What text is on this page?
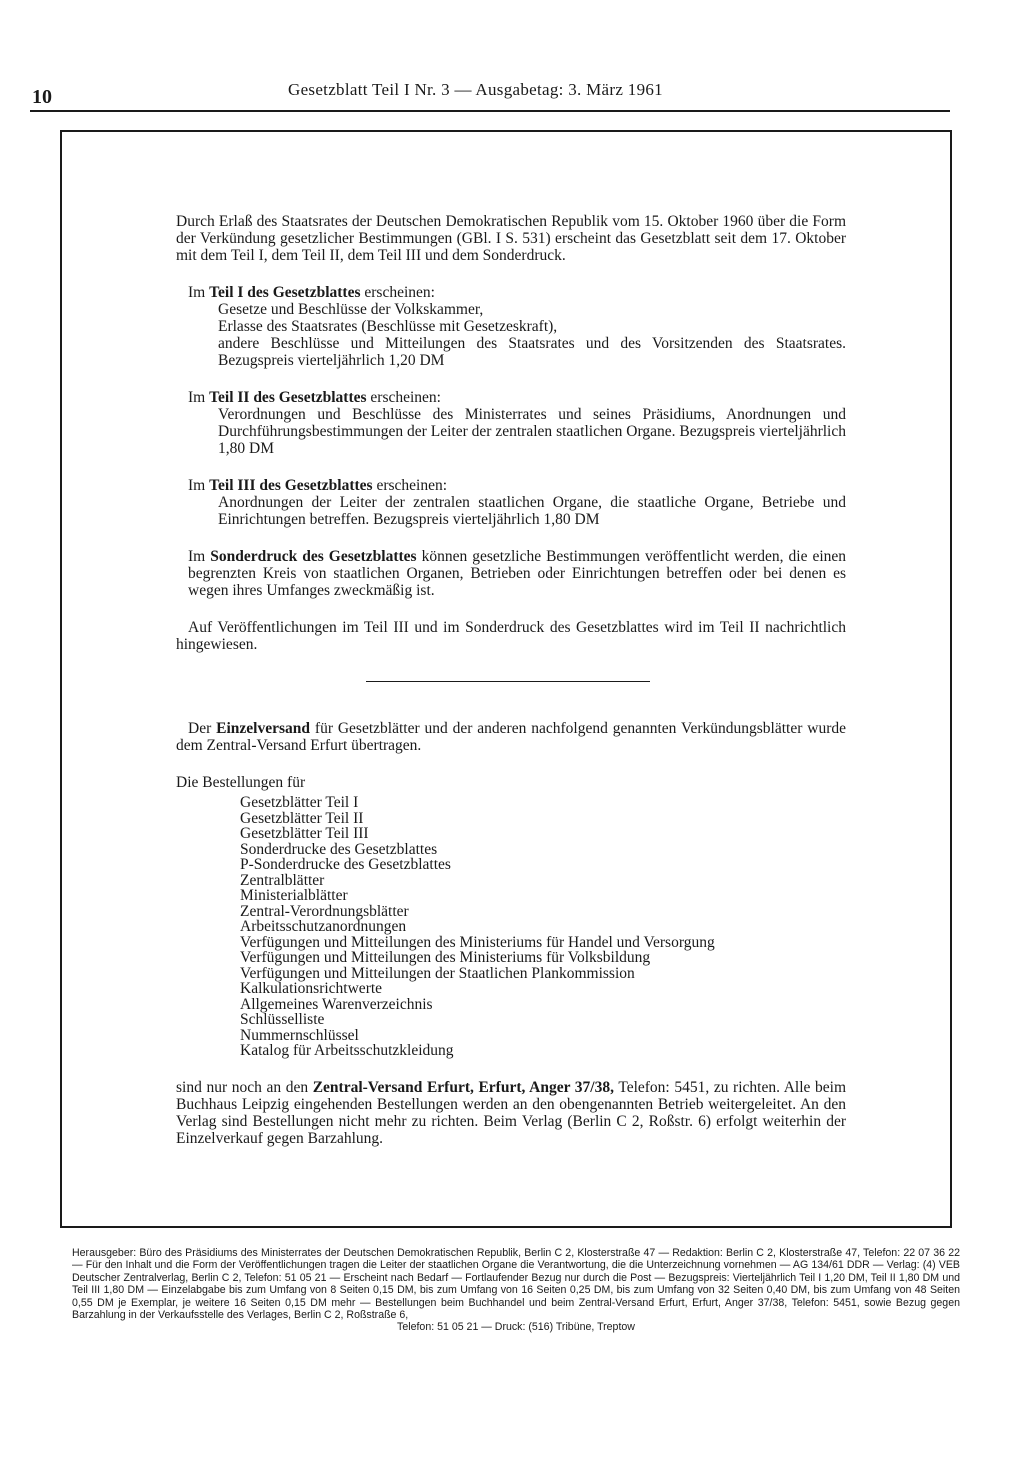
10	Gesetzblatt Teil I Nr. 3 — Ausgabetag: 3. März 1961

Durch Erlaß des Staatsrates der Deutschen Demokratischen Republik vom 15. Oktober 1960 über die Form der Verkündung gesetzlicher Bestimmungen (GBl. I S. 531) erscheint das Gesetzblatt seit dem 17. Oktober mit dem Teil I, dem Teil II, dem Teil III und dem Sonderdruck.

Im Teil I des Gesetzblattes erscheinen:

Gesetze und Beschlüsse der Volkskammer,

Erlasse des Staatsrates (Beschlüsse mit Gesetzeskraft),

andere Beschlüsse und Mitteilungen des Staatsrates und des Vorsitzenden des Staatsrates. Bezugspreis vierteljährlich 1,20 DM

Im Teil II des Gesetzblattes erscheinen:

Verordnungen und Beschlüsse des Ministerrates und seines Präsidiums, Anordnungen und Durchführungsbestimmungen der Leiter der zentralen staatlichen Organe. Bezugspreis vierteljährlich 1,80 DM

Im Teil III des Gesetzblattes erscheinen:

Anordnungen der Leiter der zentralen staatlichen Organe, die staatliche Organe, Betriebe und Einrichtungen betreffen. Bezugspreis vierteljährlich 1,80 DM

Im Sonderdruck des Gesetzblattes können gesetzliche Bestimmungen veröffentlicht werden, die einen begrenzten Kreis von staatlichen Organen, Betrieben oder Einrichtungen betreffen oder bei denen es wegen ihres Umfanges zweckmäßig ist.

Auf Veröffentlichungen im Teil III und im Sonderdruck des Gesetzblattes wird im Teil II nachrichtlich hingewiesen.

Der Einzelversand für Gesetzblätter und der anderen nachfolgend genannten Verkündungsblätter wurde dem Zentral-Versand Erfurt übertragen.

Die Bestellungen für

Gesetzblätter Teil I
Gesetzblätter Teil II
Gesetzblätter Teil III
Sonderdrucke des Gesetzblattes
P-Sonderdrucke des Gesetzblattes
Zentralblätter
Ministerialblätter
Zentral-Verordnungsblätter
Arbeitsschutzanordnungen
Verfügungen und Mitteilungen des Ministeriums für Handel und Versorgung
Verfügungen und Mitteilungen des Ministeriums für Volksbildung
Verfügungen und Mitteilungen der Staatlichen Plankommission
Kalkulationsrichtwerte
Allgemeines Warenverzeichnis
Schlüsselliste
Nummernschlüssel
Katalog für Arbeitsschutzkleidung

sind nur noch an den Zentral-Versand Erfurt, Erfurt, Anger 37/38, Telefon: 5451, zu richten. Alle beim Buchhaus Leipzig eingehenden Bestellungen werden an den obengenannten Betrieb weitergeleitet. An den Verlag sind Bestellungen nicht mehr zu richten. Beim Verlag (Berlin C 2, Roßstr. 6) erfolgt weiterhin der Einzelverkauf gegen Barzahlung.

Herausgeber: Büro des Präsidiums des Ministerrates der Deutschen Demokratischen Republik, Berlin C 2, Klosterstraße 47 — Redaktion: Berlin C 2, Klosterstraße 47, Telefon: 22 07 36 22 — Für den Inhalt und die Form der Veröffentlichungen tragen die Leiter der staatlichen Organe die Verantwortung, die die Unterzeichnung vornehmen — AG 134/61 DDR — Verlag: (4) VEB Deutscher Zentralverlag, Berlin C 2, Telefon: 51 05 21 — Erscheint nach Bedarf — Fortlaufender Bezug nur durch die Post — Bezugspreis: Vierteljährlich Teil I 1,20 DM, Teil II 1,80 DM und Teil III 1,80 DM — Einzelabgabe bis zum Umfang von 8 Seiten 0,15 DM, bis zum Umfang von 16 Seiten 0,25 DM, bis zum Umfang von 32 Seiten 0,40 DM, bis zum Umfang von 48 Seiten 0,55 DM je Exemplar, je weitere 16 Seiten 0,15 DM mehr — Bestellungen beim Buchhandel und beim Zentral-Versand Erfurt, Erfurt, Anger 37/38, Telefon: 5451, sowie Bezug gegen Barzahlung in der Verkaufsstelle des Verlages, Berlin C 2, Roßstraße 6,

Telefon: 51 05 21 — Druck: (516) Tribüne, Treptow
